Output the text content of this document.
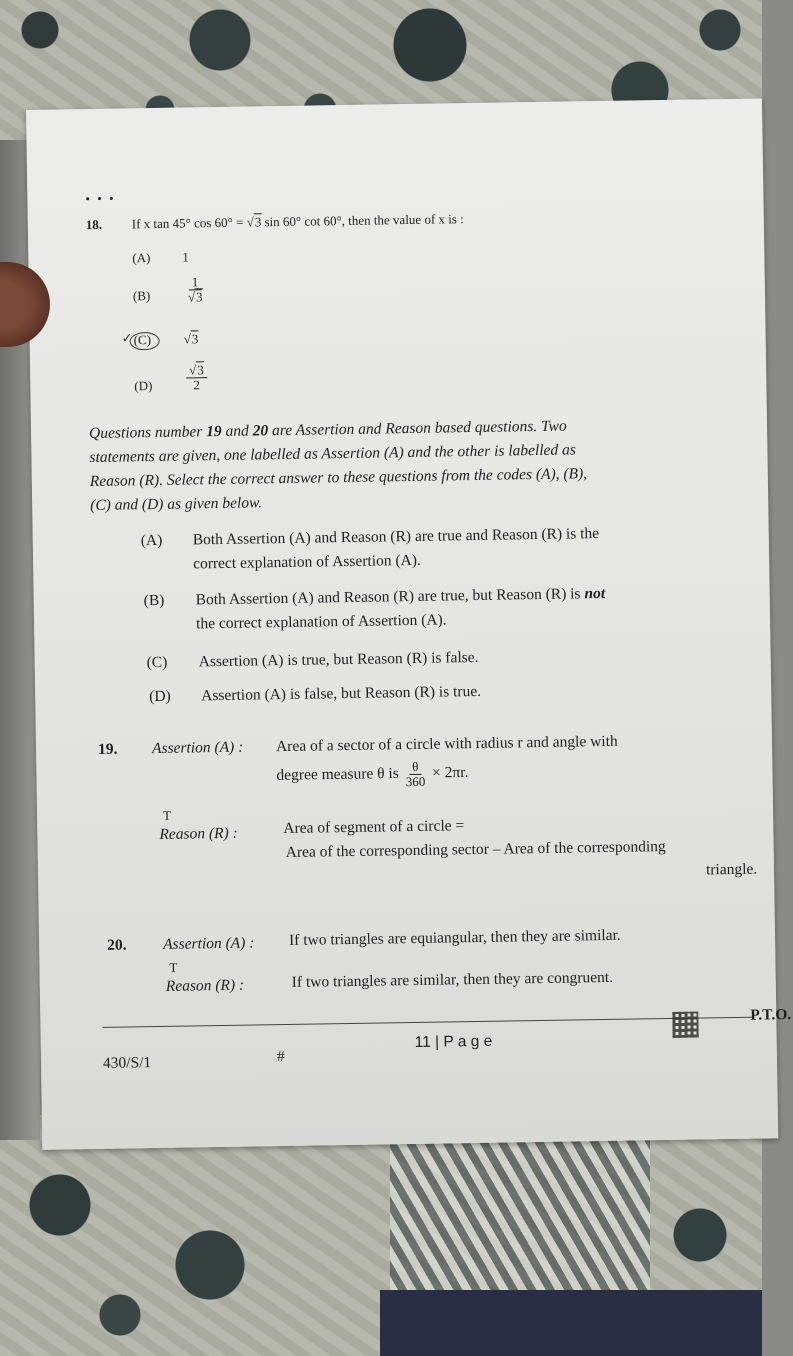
• • •
18. If x tan 45° cos 60° = √ 3 sin 60° cot 60°, then the value of x is :
(A) 1
(B)	1
√ 3
✓ (C)	√ 3
(D)	√ $\frac{3}{2}$
Questions number 19 and 20 are Assertion and Reason based questions. Two
statements are given, one labelled as Assertion (A) and the other is labelled as
Reason (R). Select the correct answer to these questions from the codes (A), (B),
(C) and (D) as given below.
(A) Both Assertion (A) and Reason (R) are true and Reason (R) is the
correct explanation of Assertion (A).
(B) Both Assertion (A) and Reason (R) are true, but Reason (R) is not
the correct explanation of Assertion (A).
(C) Assertion (A) is true, but Reason (R) is false.
(D) Assertion (A) is false, but Reason (R) is true.
19. Assertion (A) : Area of a sector of a circle with radius r and angle with
degree measure θ is $\frac{\theta}{360} \times 2\pi r$.
T
Reason (R) :	Area of segment of a circle =
Area of the corresponding sector – Area of the corresponding
triangle.
20. Assertion (A) : If two triangles are equiangular, then they are similar.
T
Reason (R) :	If two triangles are similar, then they are congruent.
430/S/1	#
11 | P a g e
P.T.O.
